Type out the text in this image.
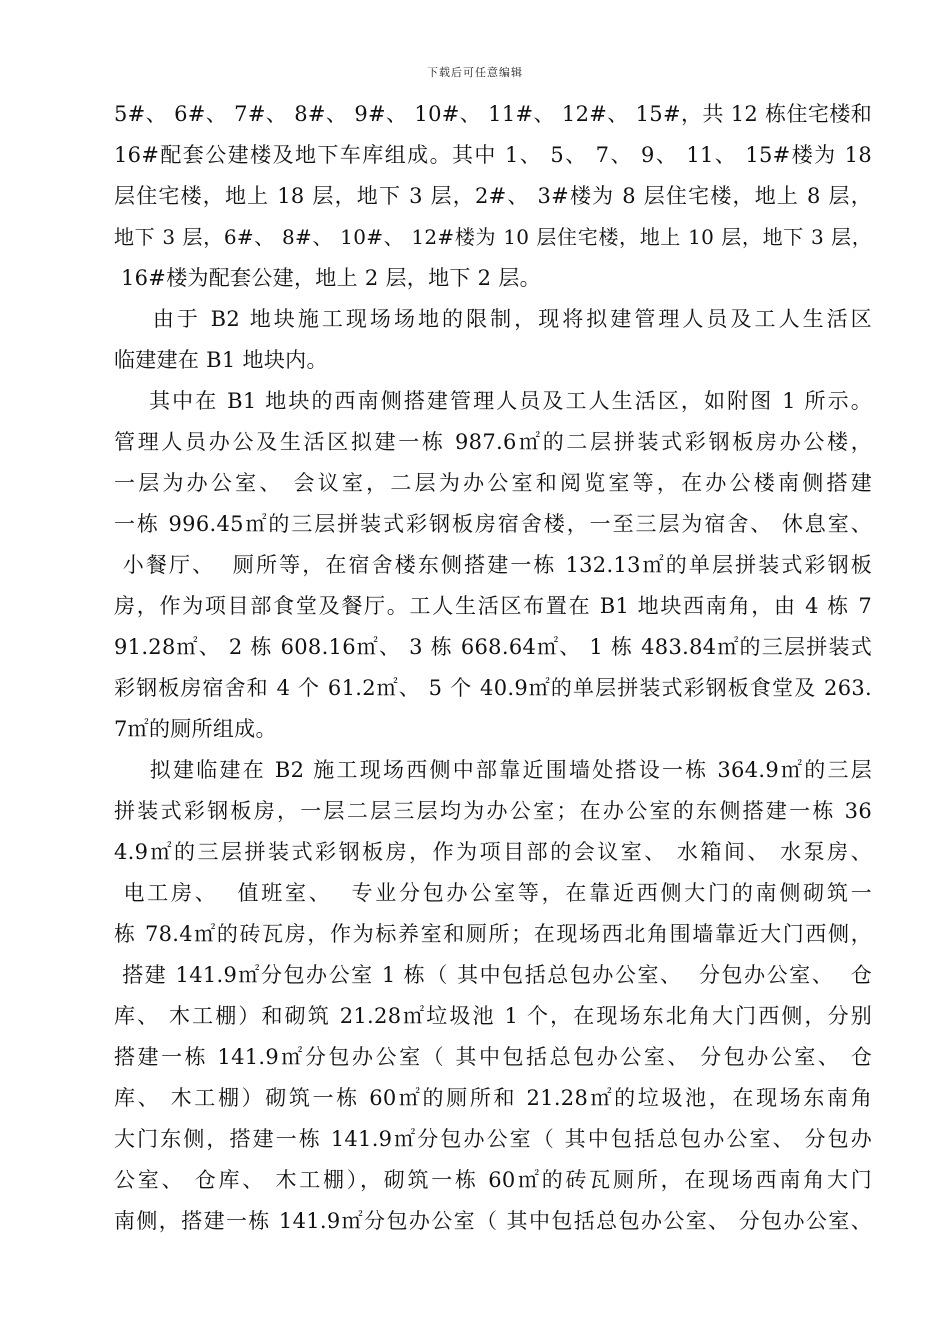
下载后可任意编辑
5#、 6#、 7#、 8#、 9#、 10#、 11#、 12#、 15#，共 12 栋住宅楼和
16#配套公建楼及地下车库组成。其中 1、 5、 7、 9、 11、 15#楼为 18
层住宅楼，地上 18 层，地下 3 层，2#、 3#楼为 8 层住宅楼，地上 8 层，
地下 3 层，6#、 8#、 10#、 12#楼为 10 层住宅楼，地上 10 层，地下 3 层，
16#楼为配套公建，地上 2 层，地下 2 层。
由于 B2 地块施工现场场地的限制，现将拟建管理人员及工人生活区
临建建在 B1 地块内。
其中在 B1 地块的西南侧搭建管理人员及工人生活区，如附图 1 所示。
管理人员办公及生活区拟建一栋 987.6㎡的二层拼装式彩钢板房办公楼，
一层为办公室、 会议室，二层为办公室和阅览室等，在办公楼南侧搭建
一栋 996.45㎡的三层拼装式彩钢板房宿舍楼，一至三层为宿舍、 休息室、
小餐厅、  厕所等，在宿舍楼东侧搭建一栋 132.13㎡的单层拼装式彩钢板
房，作为项目部食堂及餐厅。工人生活区布置在 B1 地块西南角，由 4 栋 7
91.28㎡、 2 栋 608.16㎡、 3 栋 668.64㎡、 1 栋 483.84㎡的三层拼装式
彩钢板房宿舍和 4 个 61.2㎡、 5 个 40.9㎡的单层拼装式彩钢板食堂及 263.
7㎡的厕所组成。
拟建临建在 B2 施工现场西侧中部靠近围墙处搭设一栋 364.9㎡的三层
拼装式彩钢板房，一层二层三层均为办公室；在办公室的东侧搭建一栋 36
4.9㎡的三层拼装式彩钢板房，作为项目部的会议室、 水箱间、 水泵房、
电工房、  值班室、  专业分包办公室等，在靠近西侧大门的南侧砌筑一
栋 78.4㎡的砖瓦房，作为标养室和厕所；在现场西北角围墙靠近大门西侧，
搭建 141.9㎡分包办公室 1 栋（ 其中包括总包办公室、  分包办公室、  仓
库、 木工棚）和砌筑 21.28㎡垃圾池 1 个，在现场东北角大门西侧，分别
搭建一栋 141.9㎡分包办公室（ 其中包括总包办公室、 分包办公室、 仓
库、 木工棚）砌筑一栋 60㎡的厕所和 21.28㎡的垃圾池，在现场东南角
大门东侧，搭建一栋 141.9㎡分包办公室（ 其中包括总包办公室、 分包办
公室、 仓库、 木工棚），砌筑一栋 60㎡的砖瓦厕所，在现场西南角大门
南侧，搭建一栋 141.9㎡分包办公室（ 其中包括总包办公室、 分包办公室、
